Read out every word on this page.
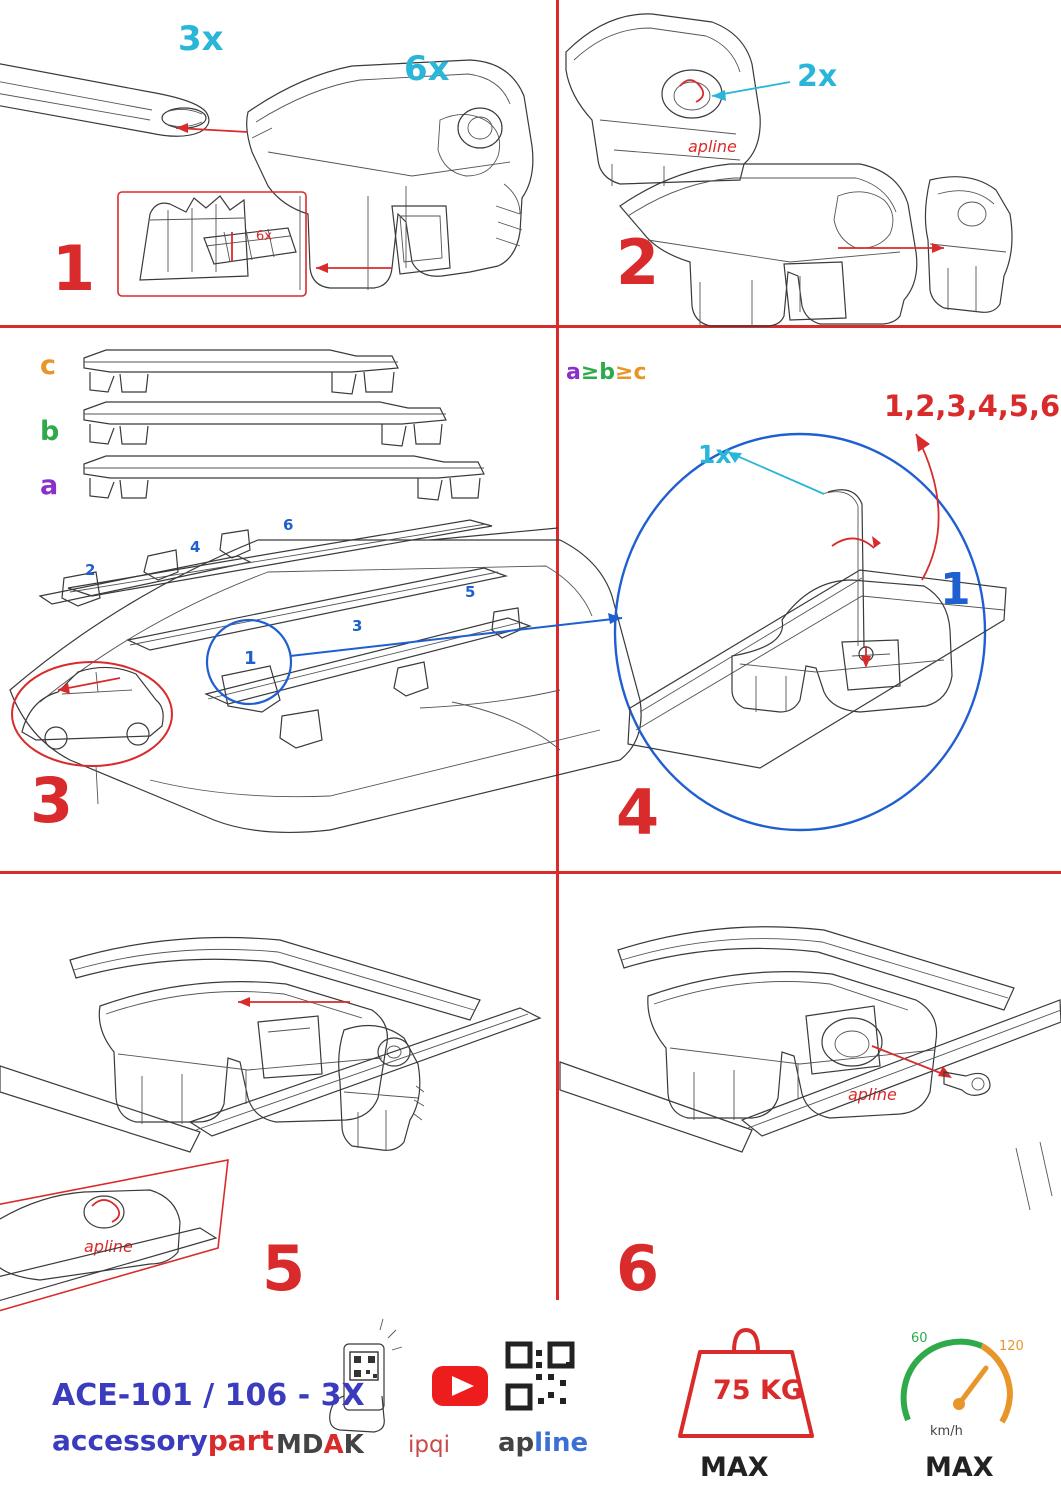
6x
apline
apline
apline
1	2
3	4
5	6
3x
6x	2x
1x
1,2,3,4,5,6
1
a
b
c	a≥b≥c
1
2
3
4
5
6
ACE-101 / 106 - 3X
accessorypart MDAK ipqi apline
75 KG
MAX	MAX
km/h
60
120
